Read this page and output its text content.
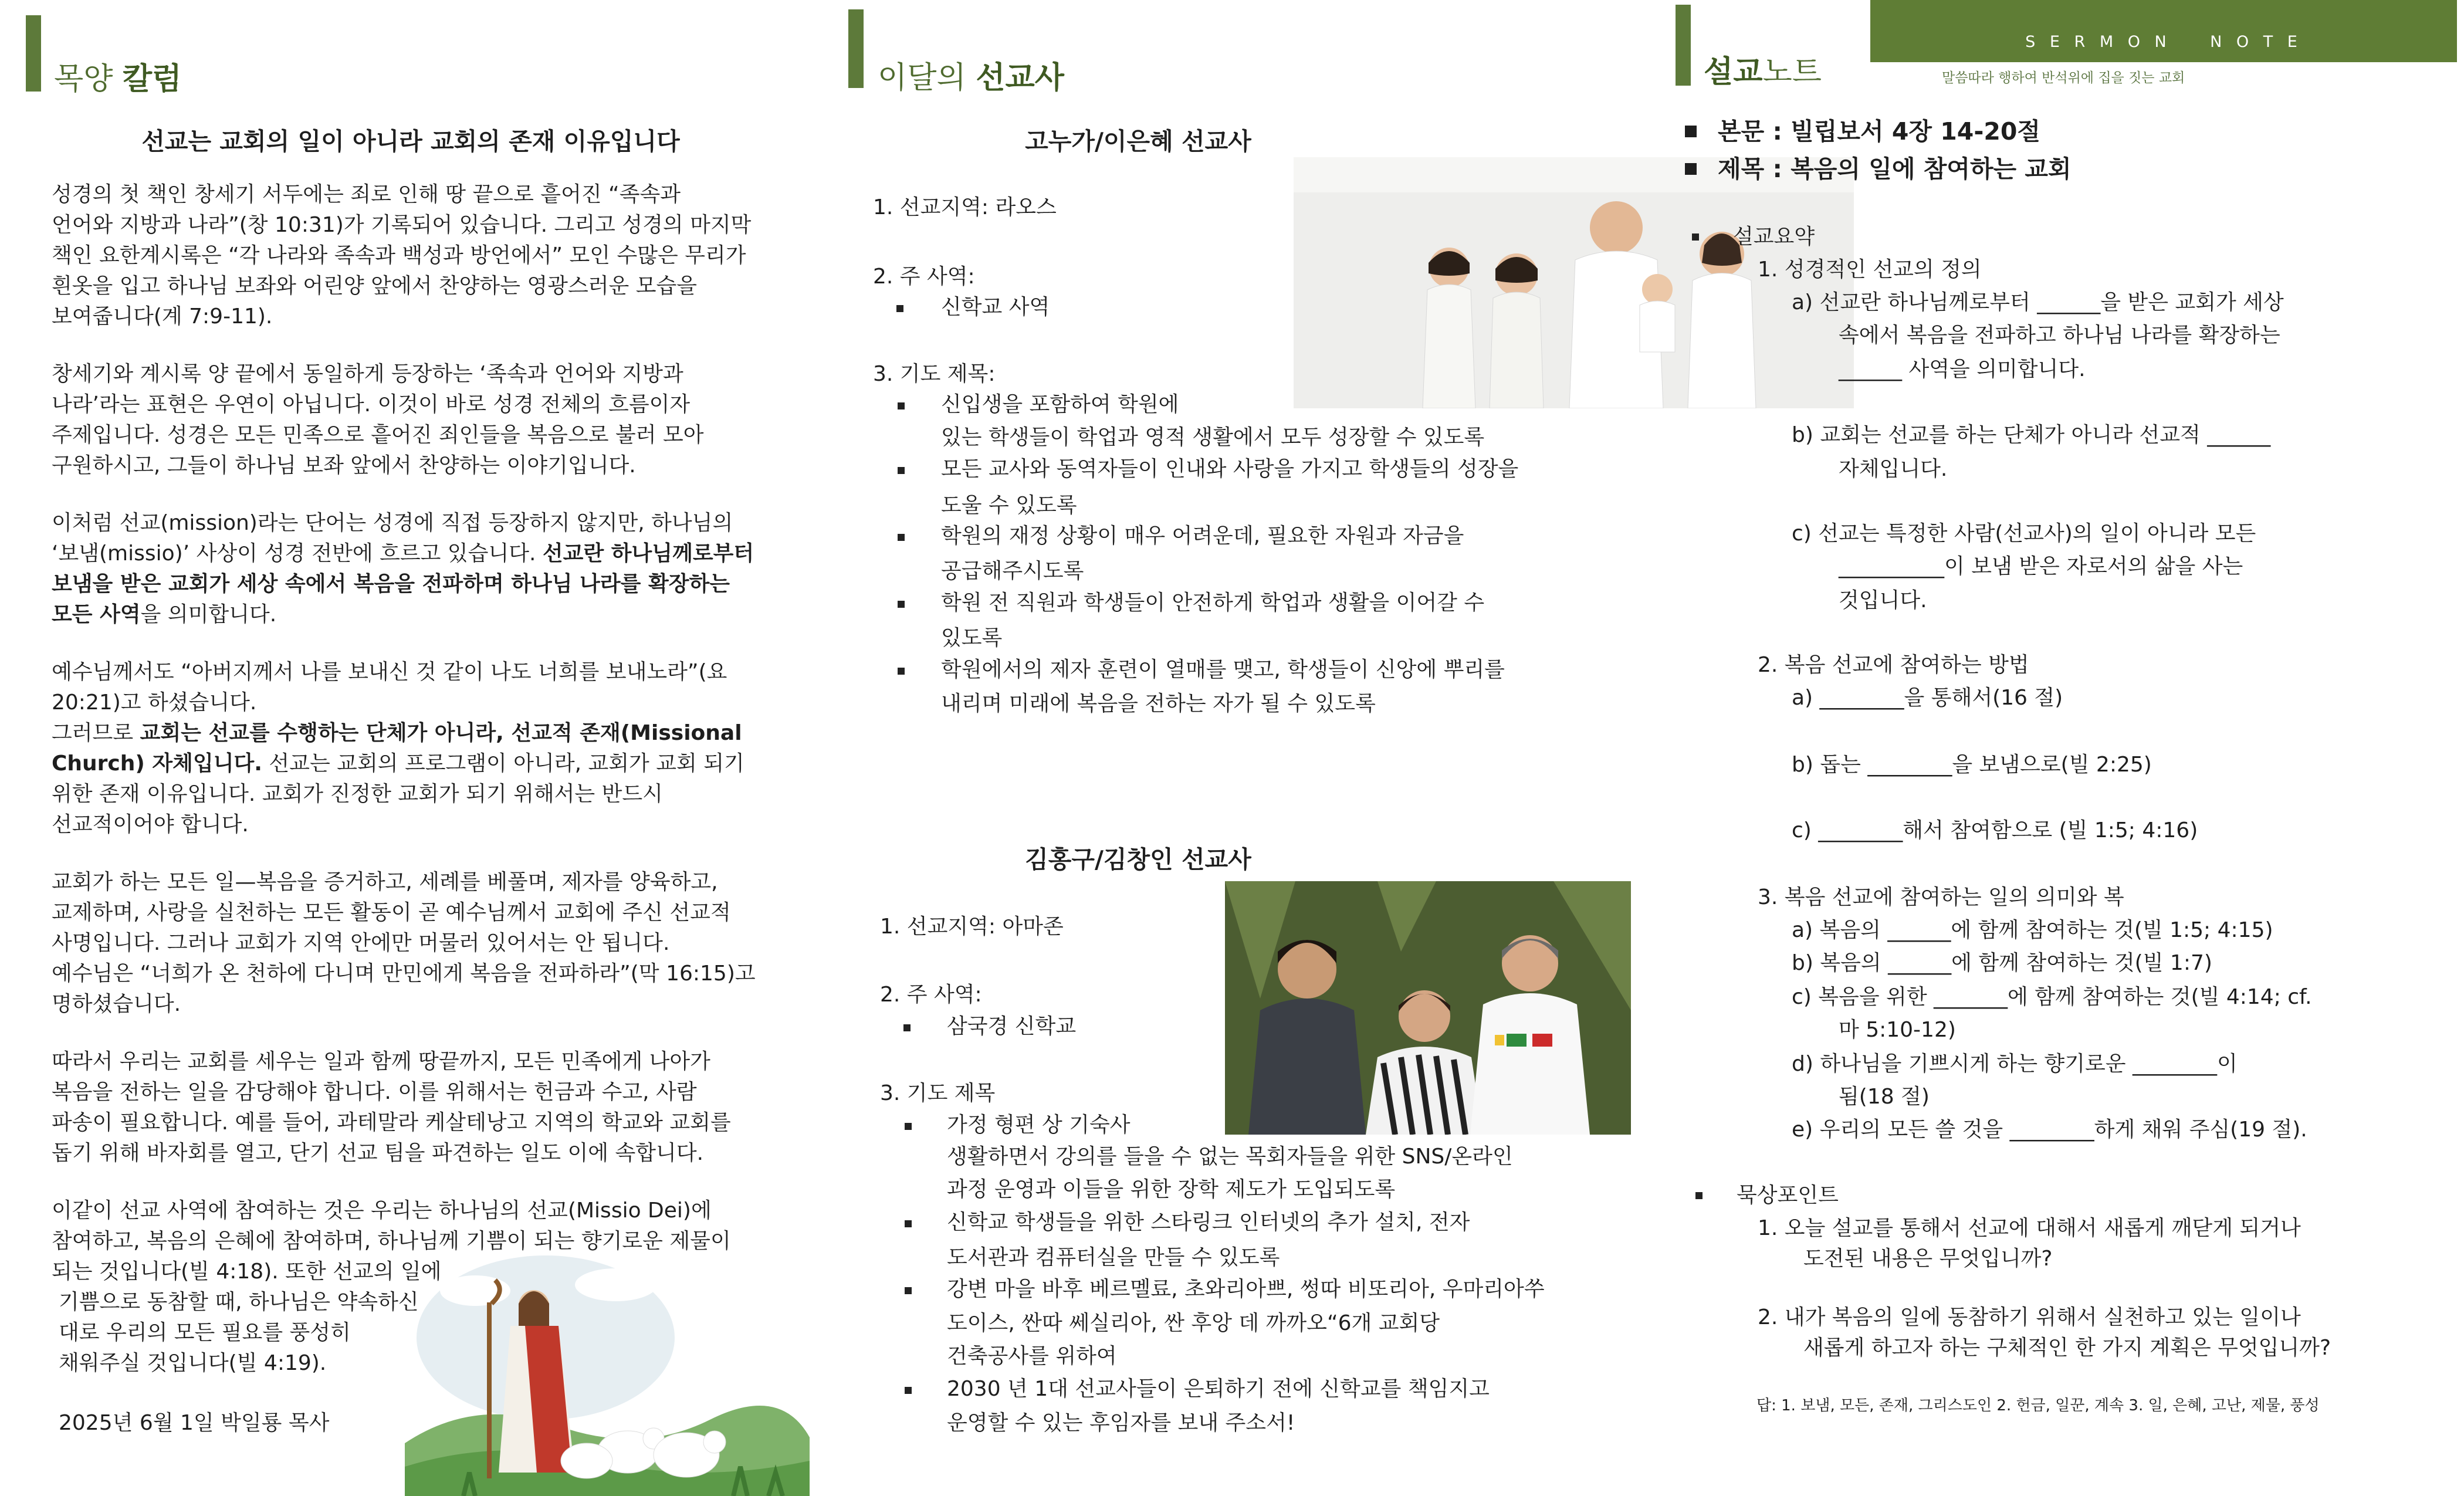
목양 칼럼
선교는 교회의 일이 아니라 교회의 존재 이유입니다

성경의 첫 책인 창세기 서두에는 죄로 인해 땅 끝으로 흩어진 “족속과

언어와 지방과 나라”(창 10:31)가 기록되어 있습니다. 그리고 성경의 마지막

책인 요한계시록은 “각 나라와 족속과 백성과 방언에서” 모인 수많은 무리가

흰옷을 입고 하나님 보좌와 어린양 앞에서 찬양하는 영광스러운 모습을

보여줍니다(계 7:9-11).

창세기와 계시록 양 끝에서 동일하게 등장하는 ‘족속과 언어와 지방과

나라’라는 표현은 우연이 아닙니다. 이것이 바로 성경 전체의 흐름이자

주제입니다. 성경은 모든 민족으로 흩어진 죄인들을 복음으로 불러 모아

구원하시고, 그들이 하나님 보좌 앞에서 찬양하는 이야기입니다.

이처럼 선교(mission)라는 단어는 성경에 직접 등장하지 않지만, 하나님의

‘보냄(missio)’ 사상이 성경 전반에 흐르고 있습니다. 선교란 하나님께로부터

보냄을 받은 교회가 세상 속에서 복음을 전파하며 하나님 나라를 확장하는

모든 사역을 의미합니다.

예수님께서도 “아버지께서 나를 보내신 것 같이 나도 너희를 보내노라”(요

20:21)고 하셨습니다.

그러므로 교회는 선교를 수행하는 단체가 아니라, 선교적 존재(Missional

Church) 자체입니다. 선교는 교회의 프로그램이 아니라, 교회가 교회 되기

위한 존재 이유입니다. 교회가 진정한 교회가 되기 위해서는 반드시

선교적이어야 합니다.

교회가 하는 모든 일—복음을 증거하고, 세례를 베풀며, 제자를 양육하고,

교제하며, 사랑을 실천하는 모든 활동이 곧 예수님께서 교회에 주신 선교적

사명입니다. 그러나 교회가 지역 안에만 머물러 있어서는 안 됩니다.

예수님은 “너희가 온 천하에 다니며 만민에게 복음을 전파하라”(막 16:15)고

명하셨습니다.

따라서 우리는 교회를 세우는 일과 함께 땅끝까지, 모든 민족에게 나아가

복음을 전하는 일을 감당해야 합니다. 이를 위해서는 헌금과 수고, 사람

파송이 필요합니다. 예를 들어, 과테말라 케살테낭고 지역의 학교와 교회를

돕기 위해 바자회를 열고, 단기 선교 팀을 파견하는 일도 이에 속합니다.

이같이 선교 사역에 참여하는 것은 우리는 하나님의 선교(Missio Dei)에

참여하고, 복음의 은혜에 참여하며, 하나님께 기쁨이 되는 향기로운 제물이

되는 것입니다(빌 4:18). 또한 선교의 일에

기쁨으로 동참할 때, 하나님은 약속하신

대로 우리의 모든 필요를 풍성히

채워주실 것입니다(빌 4:19).

2025년 6월 1일 박일룡 목사

이달의 선교사
고누가/이은혜 선교사
1. 선교지역: 라오스
2. 주 사역:
신학교 사역
3. 기도 제목:
신입생을 포함하여 학원에
있는 학생들이 학업과 영적 생활에서 모두 성장할 수 있도록
모든 교사와 동역자들이 인내와 사랑을 가지고 학생들의 성장을
도울 수 있도록
학원의 재정 상황이 매우 어려운데, 필요한 자원과 자금을
공급해주시도록
학원 전 직원과 학생들이 안전하게 학업과 생활을 이어갈 수
있도록
학원에서의 제자 훈련이 열매를 맺고, 학생들이 신앙에 뿌리를
내리며 미래에 복음을 전하는 자가 될 수 있도록
김홍구/김창인 선교사
1. 선교지역: 아마존
2. 주 사역:
삼국경 신학교
3. 기도 제목
가정 형편 상 기숙사
생활하면서 강의를 들을 수 없는 목회자들을 위한 SNS/온라인
과정 운영과 이들을 위한 장학 제도가 도입되도록
신학교 학생들을 위한 스타링크 인터넷의 추가 설치, 전자
도서관과 컴퓨터실을 만들 수 있도록
강변 마을 바후 베르멜료, 초와리아쁘, 썽따 비또리아, 우마리아쑤
도이스, 싼따 쎄실리아, 싼 후앙 데 까까오“6개 교회당
건축공사를 위하여
2030 년 1대 선교사들이 은퇴하기 전에 신학교를 책임지고
운영할 수 있는 후임자를 보내 주소서!
설교노트
S E R M O N    N O T E
말씀따라 행하여 반석위에 집을 짓는 교회
본문 : 빌립보서 4장 14-20절
제목 : 복음의 일에 참여하는 교회
설교요약
1. 성경적인 선교의 정의
a) 선교란 하나님께로부터 ______을 받은 교회가 세상
속에서 복음을 전파하고 하나님 나라를 확장하는
______ 사역을 의미합니다.
b) 교회는 선교를 하는 단체가 아니라 선교적 ______
자체입니다.
c) 선교는 특정한 사람(선교사)의 일이 아니라 모든
__________이 보냄 받은 자로서의 삶을 사는
것입니다.
2. 복음 선교에 참여하는 방법
a) ________을 통해서(16 절)
b) 돕는 ________을 보냄으로(빌 2:25)
c) ________해서 참여함으로 (빌 1:5; 4:16)
3. 복음 선교에 참여하는 일의 의미와 복
a) 복음의 ______에 함께 참여하는 것(빌 1:5; 4:15)
b) 복음의 ______에 함께 참여하는 것(빌 1:7)
c) 복음을 위한 _______에 함께 참여하는 것(빌 4:14; cf.
마 5:10-12)
d) 하나님을 기쁘시게 하는 향기로운 ________이
됨(18 절)
e) 우리의 모든 쓸 것을 ________하게 채워 주심(19 절).
묵상포인트
1. 오늘 설교를 통해서 선교에 대해서 새롭게 깨닫게 되거나
도전된 내용은 무엇입니까?
2. 내가 복음의 일에 동참하기 위해서 실천하고 있는 일이나
새롭게 하고자 하는 구체적인 한 가지 계획은 무엇입니까?
답: 1. 보냄, 모든, 존재, 그리스도인 2. 헌금, 일꾼, 계속 3. 일, 은혜, 고난, 제물, 풍성
